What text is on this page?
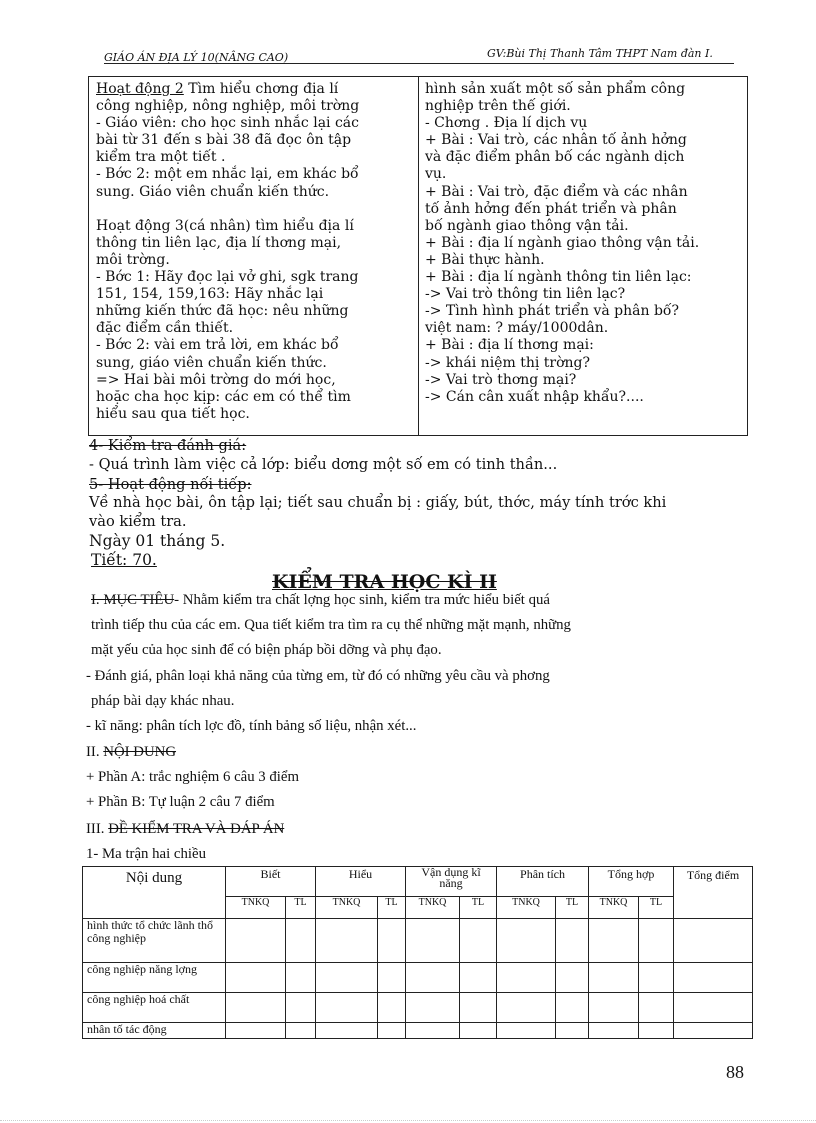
GIÁO ÁN ĐỊA LÝ 10(NÂNG CAO)	GV:Bùi Thị Thanh Tâm THPT Nam đàn I.
Hoạt động 2 Tìm hiểu chơng địa lí
công nghiệp, nông nghiệp, môi trờng
- Giáo viên: cho học sinh nhắc lại các
bài từ 31 đến s bài 38 đã đọc ôn tập
kiểm tra một tiết .
- Bớc 2: một em nhắc lại, em khác bổ
sung. Giáo viên chuẩn kiến thức.

Hoạt động 3(cá nhân) tìm hiểu địa lí
thông tin liên lạc, địa lí thơng mại,
môi trờng.
- Bớc 1: Hãy đọc lại vở ghi, sgk trang
151, 154, 159,163: Hãy nhắc lại
những kiến thức đã học: nêu những
đặc điểm cần thiết.
- Bớc 2: vài em trả lời, em khác bổ
sung, giáo viên chuẩn kiến thức.
=> Hai bài môi trờng do mới học,
hoặc cha học kịp: các em có thể tìm
hiểu sau qua tiết học.
hình sản xuất một số sản phẩm công
nghiệp trên thế giới.
- Chơng . Địa lí dịch vụ
+ Bài : Vai trò, các nhân tố ảnh hởng
và đặc điểm phân bố các ngành dịch
vụ.
+ Bài : Vai trò, đặc điểm và các nhân
tố ảnh hởng đến phát triển và phân
bố ngành giao thông vận tải.
+ Bài : địa lí ngành giao thông vận tải.
+ Bài thực hành.
+ Bài : địa lí ngành thông tin liên lạc:
-> Vai trò thông tin liên lạc?
-> Tình hình phát triển và phân bố?
việt nam: ? máy/1000dân.
+ Bài : địa lí thơng mại:
-> khái niệm thị trờng?
-> Vai trò thơng mại?
-> Cán cân xuất nhập khẩu?....
4- Kiểm tra đánh giá:
- Quá trình làm việc cả lớp: biểu dơng một số em có tinh thần...
5- Hoạt động nối tiếp:
Về nhà học bài, ôn tập lại; tiết sau chuẩn bị : giấy, bút, thớc, máy tính trớc khi
vào kiểm tra.
Ngày 01 tháng 5.
Tiết: 70.
KIỂM TRA HỌC KÌ II
I. MỤC TIÊU- Nhằm kiểm tra chất lợng học sinh, kiểm tra mức hiểu biết quá
trình tiếp thu của các em. Qua tiết kiểm tra tìm ra cụ thể những mặt mạnh, những
mặt yếu của học sinh để có biện pháp bồi dỡng và phụ đạo.
- Đánh giá, phân loại khả năng của từng em, từ đó có những yêu cầu và phơng
pháp bài dạy khác nhau.
- kĩ năng: phân tích lợc đồ, tính bảng số liệu, nhận xét...
II. NỘI DUNG
+ Phần A: trắc nghiệm 6 câu 3 điểm
+ Phần B: Tự luận 2 câu 7 điểm
III. ĐỀ KIỂM TRA VÀ ĐÁP ÁN
1- Ma trận hai chiều
Nội dung	Biết		Hiểu		Vận dụng kĩ năng		Phân tích		Tổng hợp		Tổng điểm
	TNKQ	TL	TNKQ	TL	TNKQ	TL	TNKQ	TL	TNKQ	TL	
hình thức tổ chức lãnh thổ công nghiệp											
công nghiệp năng lợng											
công nghiệp hoá chất											
nhân tố tác động											
88
